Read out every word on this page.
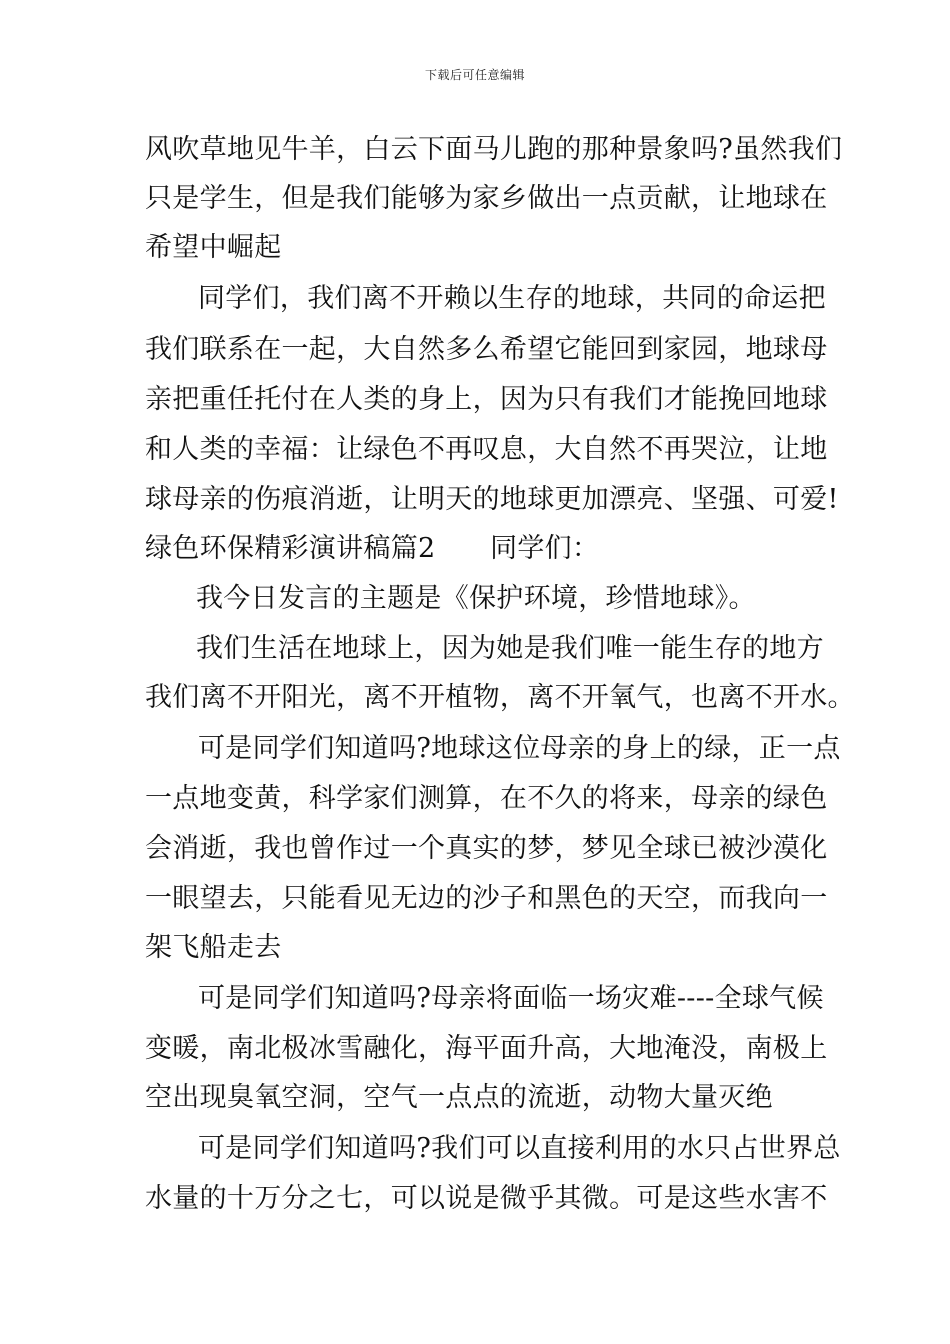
下载后可任意编辑
风吹草地见牛羊，白云下面马儿跑的那种景象吗?虽然我们
只是学生，但是我们能够为家乡做出一点贡献，让地球在
希望中崛起
同学们，我们离不开赖以生存的地球，共同的命运把
我们联系在一起，大自然多么希望它能回到家园，地球母
亲把重任托付在人类的身上，因为只有我们才能挽回地球
和人类的幸福：让绿色不再叹息，大自然不再哭泣，让地
球母亲的伤痕消逝，让明天的地球更加漂亮、坚强、可爱!
绿色环保精彩演讲稿篇2　　同学们：
我今日发言的主题是《保护环境，珍惜地球》。
我们生活在地球上，因为她是我们唯一能生存的地方
我们离不开阳光，离不开植物，离不开氧气，也离不开水。
可是同学们知道吗?地球这位母亲的身上的绿，正一点
一点地变黄，科学家们测算，在不久的将来，母亲的绿色
会消逝，我也曾作过一个真实的梦，梦见全球已被沙漠化
一眼望去，只能看见无边的沙子和黑色的天空，而我向一
架飞船走去
可是同学们知道吗?母亲将面临一场灾难----全球气候
变暖，南北极冰雪融化，海平面升高，大地淹没，南极上
空出现臭氧空洞，空气一点点的流逝，动物大量灭绝
可是同学们知道吗?我们可以直接利用的水只占世界总
水量的十万分之七，可以说是微乎其微。可是这些水害不
